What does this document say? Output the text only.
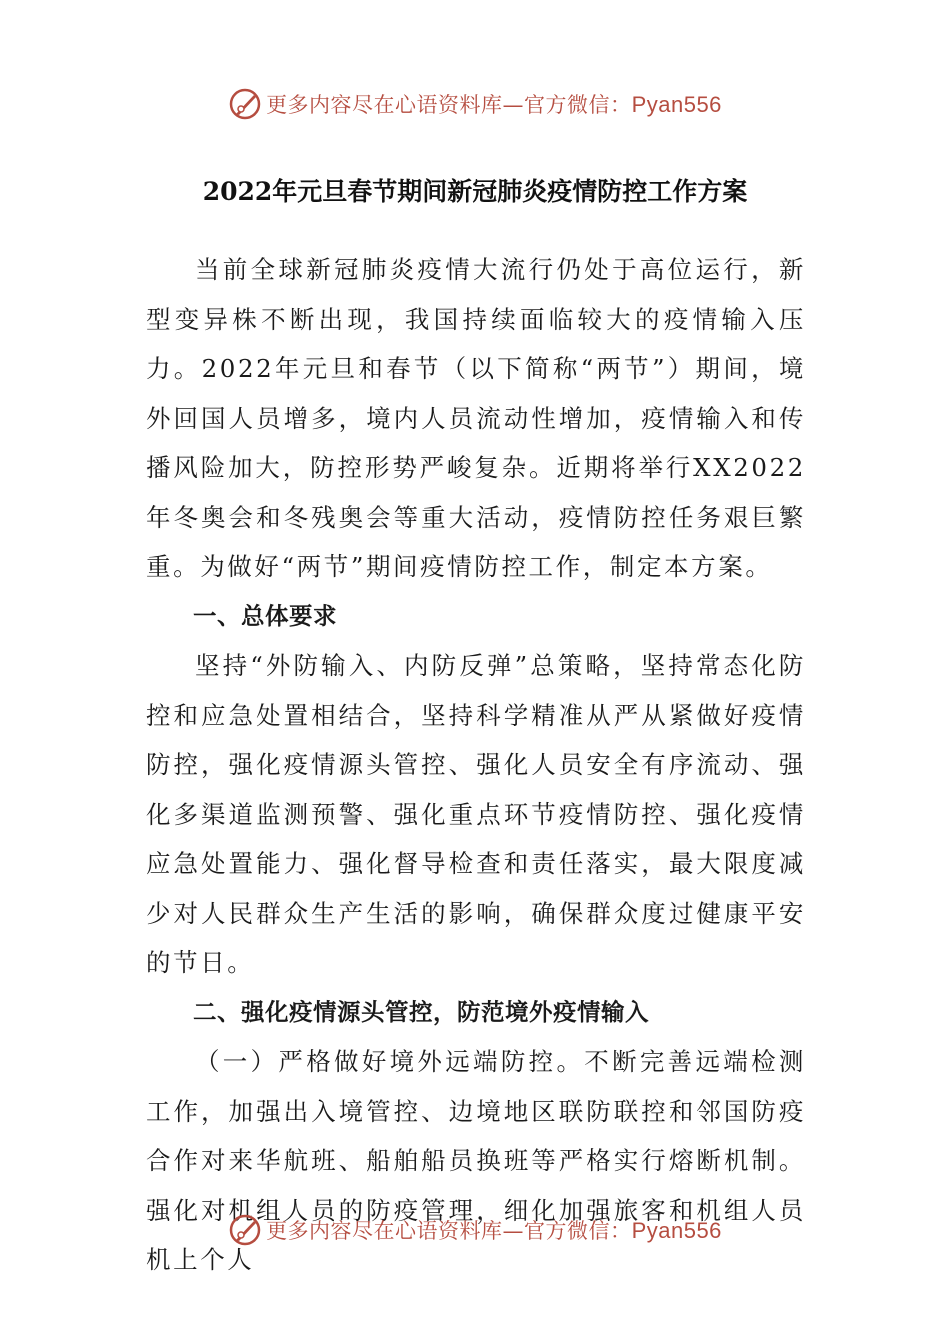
更多内容尽在心语资料库—官方微信：Pyan556
2022年元旦春节期间新冠肺炎疫情防控工作方案

当前全球新冠肺炎疫情大流行仍处于高位运行，新型变异株不断出现，我国持续面临较大的疫情输入压力。2022年元旦和春节（以下简称“两节”）期间，境外回国人员增多，境内人员流动性增加，疫情输入和传播风险加大，防控形势严峻复杂。近期将举行XX2022年冬奥会和冬残奥会等重大活动，疫情防控任务艰巨繁重。为做好“两节”期间疫情防控工作，制定本方案。

一、总体要求

坚持“外防输入、内防反弹”总策略，坚持常态化防控和应急处置相结合，坚持科学精准从严从紧做好疫情防控，强化疫情源头管控、强化人员安全有序流动、强化多渠道监测预警、强化重点环节疫情防控、强化疫情应急处置能力、强化督导检查和责任落实，最大限度减少对人民群众生产生活的影响，确保群众度过健康平安的节日。

二、强化疫情源头管控，防范境外疫情输入

（一）严格做好境外远端防控。不断完善远端检测工作，加强出入境管控、边境地区联防联控和邻国防疫合作对来华航班、船舶船员换班等严格实行熔断机制。强化对机组人员的防疫管理，细化加强旅客和机组人员机上个人

更多内容尽在心语资料库—官方微信：Pyan556
